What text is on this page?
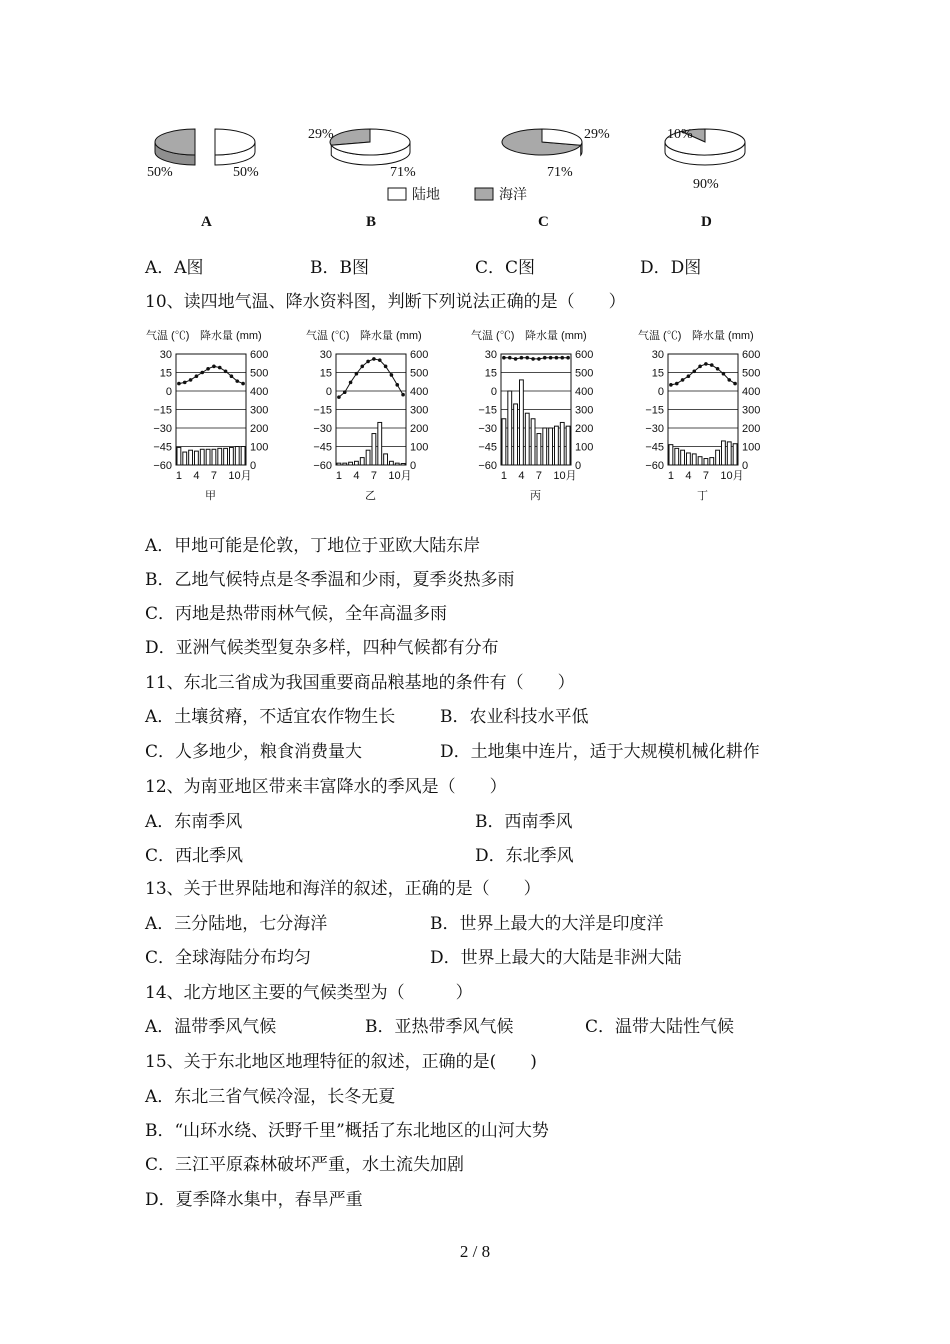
50%	50%
A
29%
71%
B
29%
71%
C
10%
90%
D
陆地	海洋
A．A图	B．B图	C．C图	D．D图
10、读四地气温、降水资料图，判断下列说法正确的是（　　）
气温 (℃) 降水量 (mm)
30	600
15	500
0	400
−15	300
−30	200
−45	100
−60	0
1 4 7 10月
甲
气温 (℃) 降水量 (mm)
30	600
15	500
0	400
−15	300
−30	200
−45	100
−60	0
1 4 7 10月
乙
气温 (℃) 降水量 (mm)
30	600
15	500
0	400
−15	300
−30	200
−45	100
−60	0
1 4 7 10月
丙
气温 (℃) 降水量 (mm)
30	600
15	500
0	400
−15	300
−30	200
−45	100
−60	0
1 4 7 10月
丁
A．甲地可能是伦敦，丁地位于亚欧大陆东岸
B．乙地气候特点是冬季温和少雨，夏季炎热多雨
C．丙地是热带雨林气候，全年高温多雨
D．亚洲气候类型复杂多样，四种气候都有分布
11、东北三省成为我国重要商品粮基地的条件有（　　）
A．土壤贫瘠，不适宜农作物生长	B．农业科技水平低
C．人多地少，粮食消费量大	D．土地集中连片，适于大规模机械化耕作
12、为南亚地区带来丰富降水的季风是（　　）
A．东南季风	B．西南季风
C．西北季风	D．东北季风
13、关于世界陆地和海洋的叙述，正确的是（　　）
A．三分陆地，七分海洋	B．世界上最大的大洋是印度洋
C．全球海陆分布均匀	D．世界上最大的大陆是非洲大陆
14、北方地区主要的气候类型为（　　　）
A．温带季风气候	B．亚热带季风气候	C．温带大陆性气候
15、关于东北地区地理特征的叙述，正确的是(　　)
A．东北三省气候冷湿，长冬无夏
B．“山环水绕、沃野千里”概括了东北地区的山河大势
C．三江平原森林破坏严重，水土流失加剧
D．夏季降水集中，春旱严重
2 / 8
